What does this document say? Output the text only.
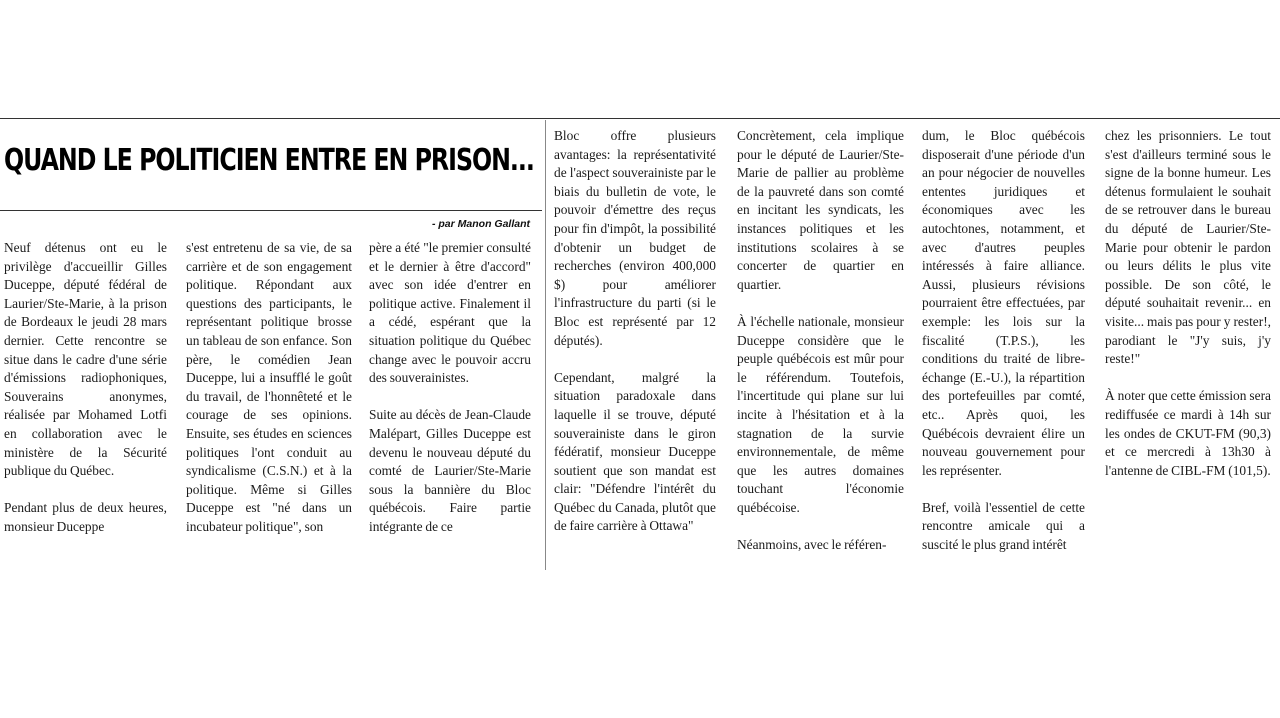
QUAND LE POLITICIEN ENTRE EN PRISON...
- par Manon Gallant

Neuf détenus ont eu le privilège d'accueillir Gilles Duceppe, député fédéral de Laurier/Ste-Marie, à la prison de Bordeaux le jeudi 28 mars dernier. Cette rencontre se situe dans le cadre d'une série d'émissions radiophoniques, Souverains anonymes, réalisée par Mohamed Lotfi en collaboration avec le ministère de la Sécurité publique du Québec.

Pendant plus de deux heures, monsieur Duceppe

s'est entretenu de sa vie, de sa carrière et de son engagement politique. Répondant aux questions des participants, le représentant politique brosse un tableau de son enfance. Son père, le comédien Jean Duceppe, lui a insufflé le goût du travail, de l'honnêteté et le courage de ses opinions. Ensuite, ses études en sciences politiques l'ont conduit au syndicalisme (C.S.N.) et à la politique. Même si Gilles Duceppe est "né dans un incubateur politique", son

père a été "le premier consulté et le dernier à être d'accord" avec son idée d'entrer en politique active. Finalement il a cédé, espérant que la situation politique du Québec change avec le pouvoir accru des souverainistes.

Suite au décès de Jean-Claude Malépart, Gilles Duceppe est devenu le nouveau député du comté de Laurier/Ste-Marie sous la bannière du Bloc québécois. Faire partie intégrante de ce

Bloc offre plusieurs avantages: la représentativité de l'aspect souverainiste par le biais du bulletin de vote, le pouvoir d'émettre des reçus pour fin d'impôt, la possibilité d'obtenir un budget de recherches (environ 400,000 $) pour améliorer l'infrastructure du parti (si le Bloc est représenté par 12 députés).

Cependant, malgré la situation paradoxale dans laquelle il se trouve, député souverainiste dans le giron fédératif, monsieur Duceppe soutient que son mandat est clair: "Défendre l'intérêt du Québec du Canada, plutôt que de faire carrière à Ottawa"

Concrètement, cela implique pour le député de Laurier/Ste-Marie de pallier au problème de la pauvreté dans son comté en incitant les syndicats, les instances politiques et les institutions scolaires à se concerter de quartier en quartier.

À l'échelle nationale, monsieur Duceppe considère que le peuple québécois est mûr pour le référendum. Toutefois, l'incertitude qui plane sur lui incite à l'hésitation et à la stagnation de la survie environnementale, de même que les autres domaines touchant l'économie québécoise.

Néanmoins, avec le référen-

dum, le Bloc québécois disposerait d'une période d'un an pour négocier de nouvelles ententes juridiques et économiques avec les autochtones, notamment, et avec d'autres peuples intéressés à faire alliance. Aussi, plusieurs révisions pourraient être effectuées, par exemple: les lois sur la fiscalité (T.P.S.), les conditions du traité de libre-échange (E.-U.), la répartition des portefeuilles par comté, etc.. Après quoi, les Québécois devraient élire un nouveau gouvernement pour les représenter.

Bref, voilà l'essentiel de cette rencontre amicale qui a suscité le plus grand intérêt

chez les prisonniers. Le tout s'est d'ailleurs terminé sous le signe de la bonne humeur. Les détenus formulaient le souhait de se retrouver dans le bureau du député de Laurier/Ste-Marie pour obtenir le pardon ou leurs délits le plus vite possible. De son côté, le député souhaitait revenir... en visite... mais pas pour y rester!, parodiant le "J'y suis, j'y reste!"

À noter que cette émission sera rediffusée ce mardi à 14h sur les ondes de CKUT-FM (90,3) et ce mercredi à 13h30 à l'antenne de CIBL-FM (101,5).
